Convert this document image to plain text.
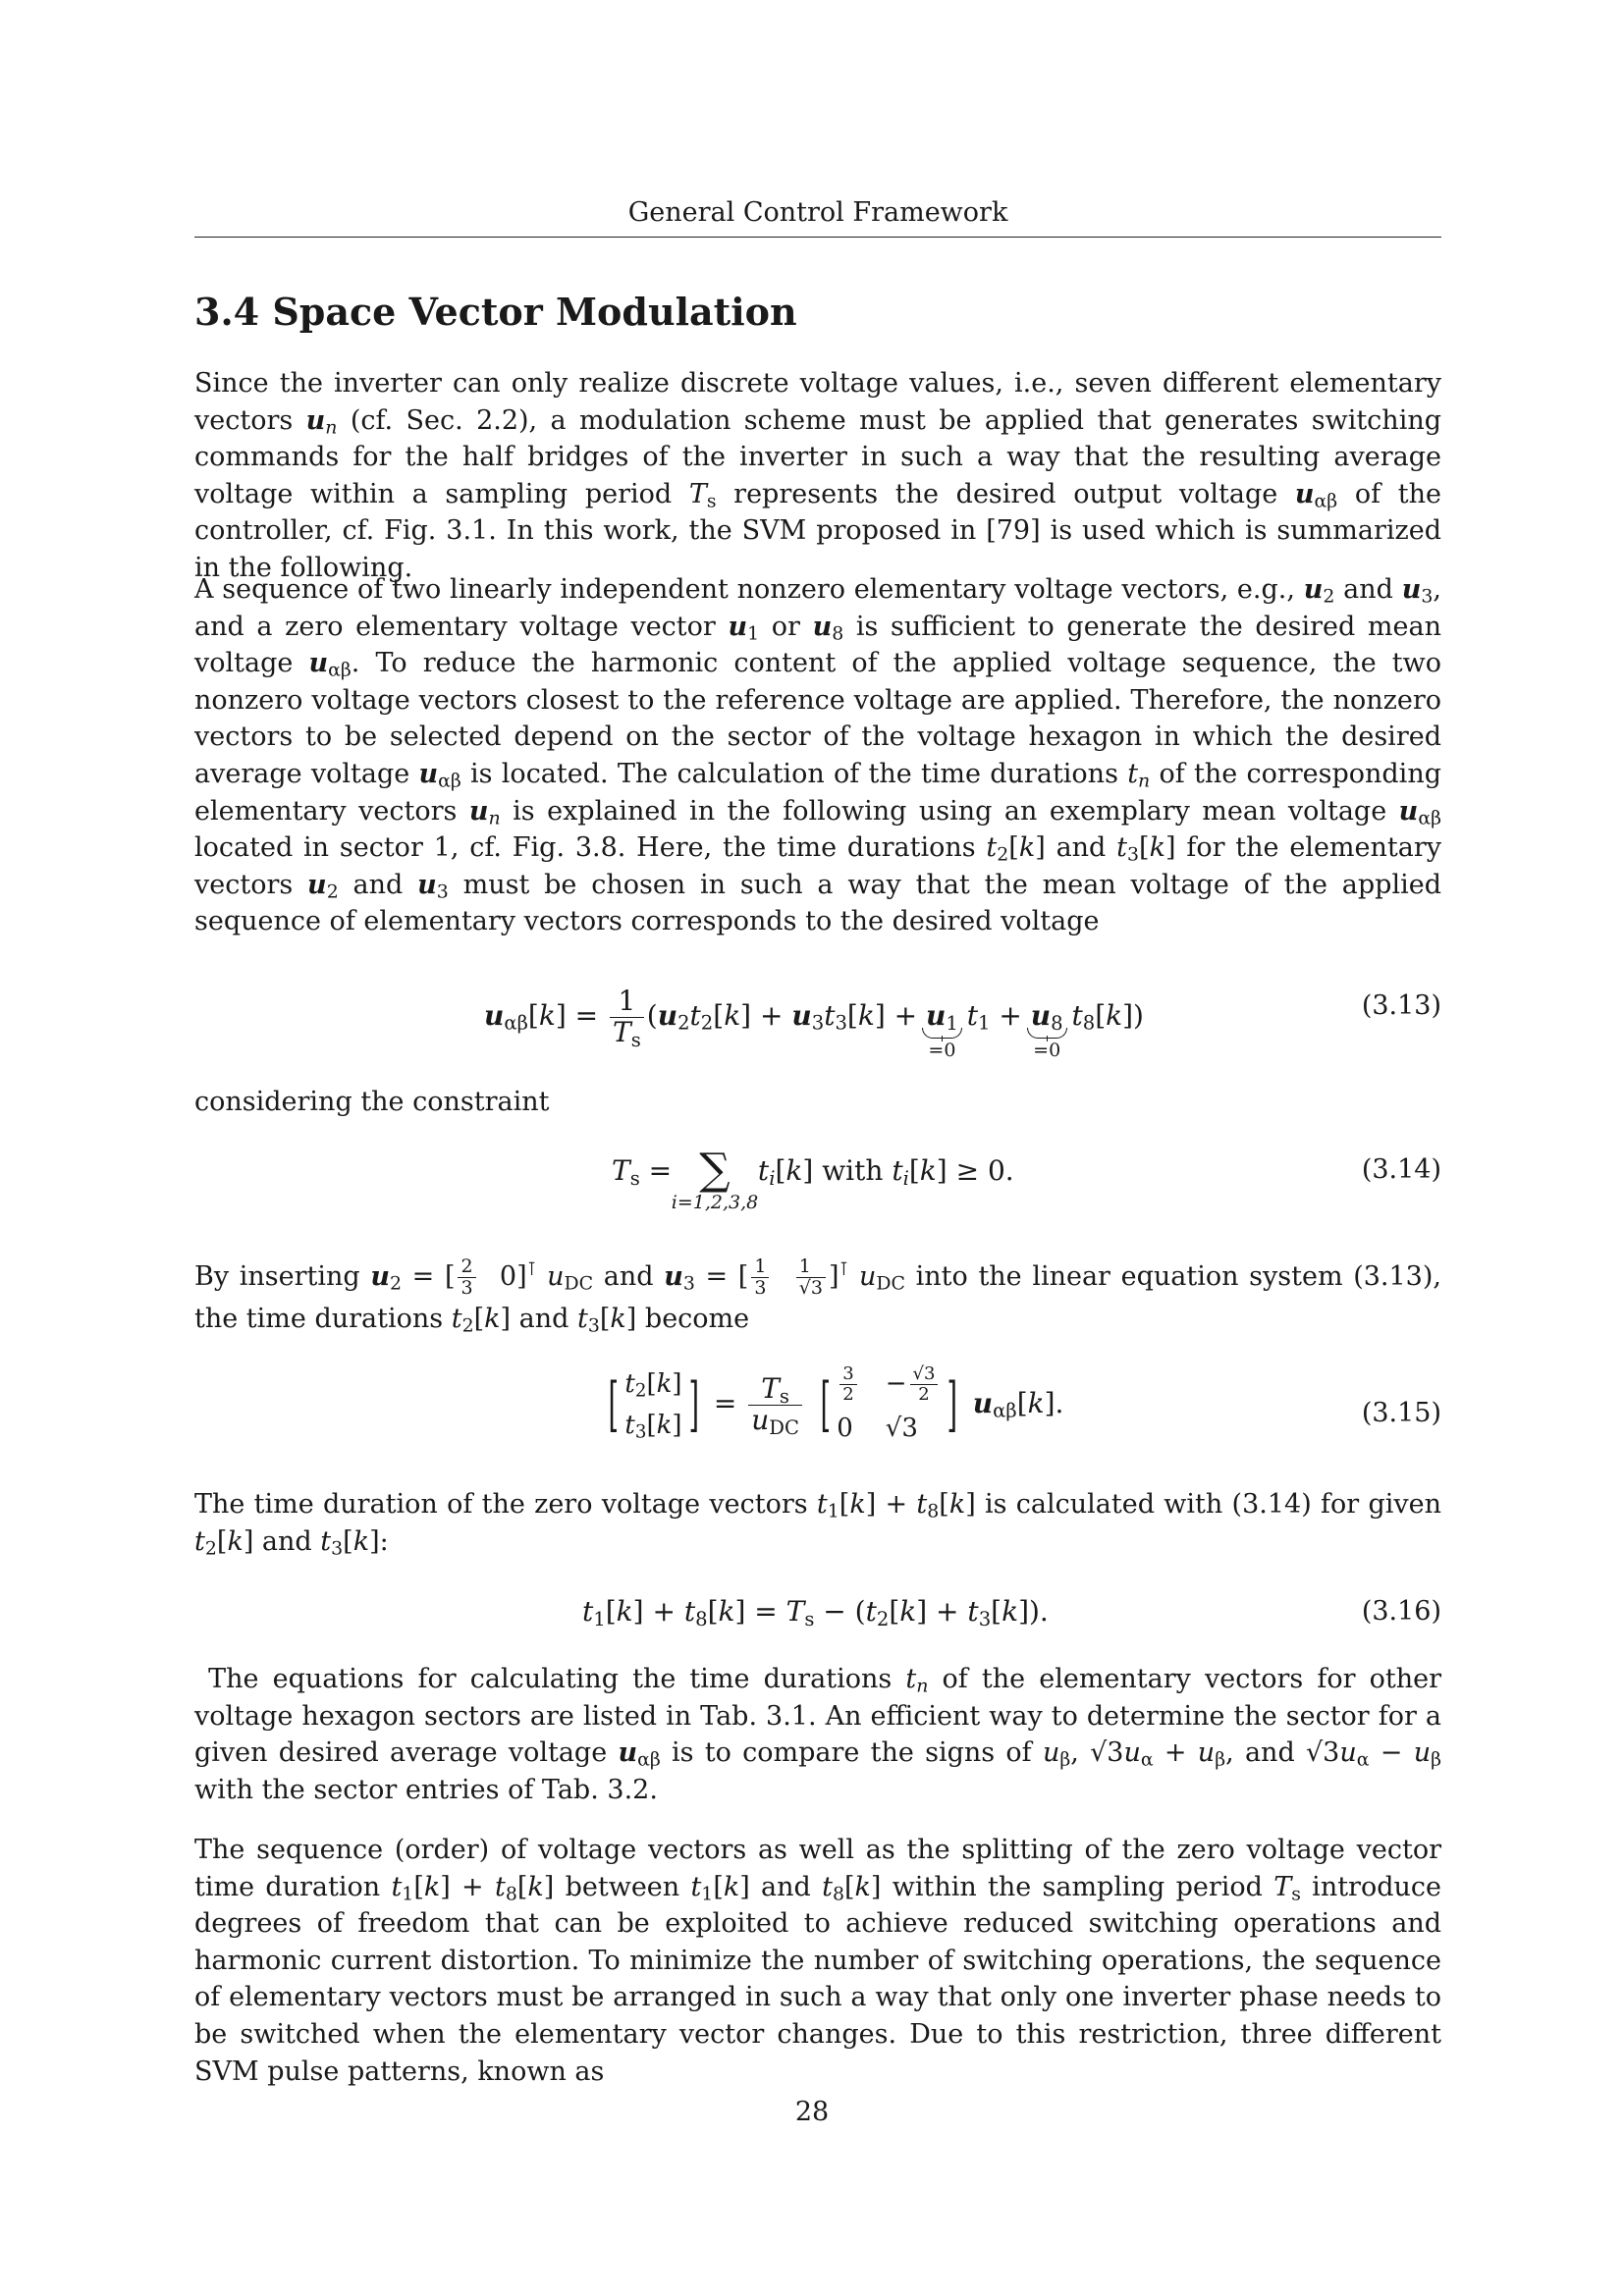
General Control Framework
3.4 Space Vector Modulation

Since the inverter can only realize discrete voltage values, i.e., seven different elementary vectors $u_n$ (cf. Sec. 2.2), a modulation scheme must be applied that generates switching commands for the half bridges of the inverter in such a way that the resulting average voltage within a sampling period $T_s$ represents the desired output voltage $u_{\alpha\beta}$ of the controller, cf. Fig. 3.1. In this work, the SVM proposed in [79] is used which is summarized in the following.

A sequence of two linearly independent nonzero elementary voltage vectors, e.g., $u_2$ and $u_3$, and a zero elementary voltage vector $u_1$ or $u_8$ is sufficient to generate the desired mean voltage $u_{\alpha\beta}$. To reduce the harmonic content of the applied voltage sequence, the two nonzero voltage vectors closest to the reference voltage are applied. Therefore, the nonzero vectors to be selected depend on the sector of the voltage hexagon in which the desired average voltage $u_{\alpha\beta}$ is located. The calculation of the time durations $t_n$ of the corresponding elementary vectors $u_n$ is explained in the following using an exemplary mean voltage $u_{\alpha\beta}$ located in sector 1, cf. Fig. 3.8. Here, the time durations $t_2[k]$ and $t_3[k]$ for the elementary vectors $u_2$ and $u_3$ must be chosen in such a way that the mean voltage of the applied sequence of elementary vectors corresponds to the desired voltage

$u_{\alpha\beta}[k] = \frac{1}{T_s} (u_2t_2[k] + u_3t_3[k] + u_1$
=0
$t_1 + u_8$
=0
$t_8[k]$)	(3.13)

considering the constraint

$T_s$ = ∑
i=1,2,3,8
$t_i[k]$ with $t_i[k] \ge 0$.	(3.14)

By inserting $u_2$ = [ $\frac{2}{3} 0]^⊺$ $u_{DC}$ and $u_3$ = [ $\frac{1}{3}$
$\frac{1}{√3} ]^⊺$ $u_{DC}$ into the linear equation system (3.13), the time durations $t_2[k]$ and $t_3[k]$ become

[ $t_2[k]$
$t_3[k]$ ] = $\frac{T_s}{u_{DC}}$ [ $\frac{3}{2} - \frac{√3}{2}$
0 √3 ] $u_{\alpha\beta}[k]$.	(3.15)

The time duration of the zero voltage vectors $t_1[k] + t_8[k]$ is calculated with (3.14) for given $t_2[k]$ and $t_3[k]$:

$t_1[k] + t_8[k] = T_s - (t_2[k] + t_3[k])$.	(3.16)

The equations for calculating the time durations $t_n$ of the elementary vectors for other voltage hexagon sectors are listed in Tab. 3.1. An efficient way to determine the sector for a given desired average voltage $u_{\alpha\beta}$ is to compare the signs of $u_\beta$, $√3u_\alpha + u_\beta$, and $√3u_\alpha - u_\beta$ with the sector entries of Tab. 3.2.

The sequence (order) of voltage vectors as well as the splitting of the zero voltage vector time duration $t_1[k] + t_8[k]$ between $t_1[k]$ and $t_8[k]$ within the sampling period $T_s$ introduce degrees of freedom that can be exploited to achieve reduced switching operations and harmonic current distortion. To minimize the number of switching operations, the sequence of elementary vectors must be arranged in such a way that only one inverter phase needs to be switched when the elementary vector changes. Due to this restriction, three different SVM pulse patterns, known as

28
